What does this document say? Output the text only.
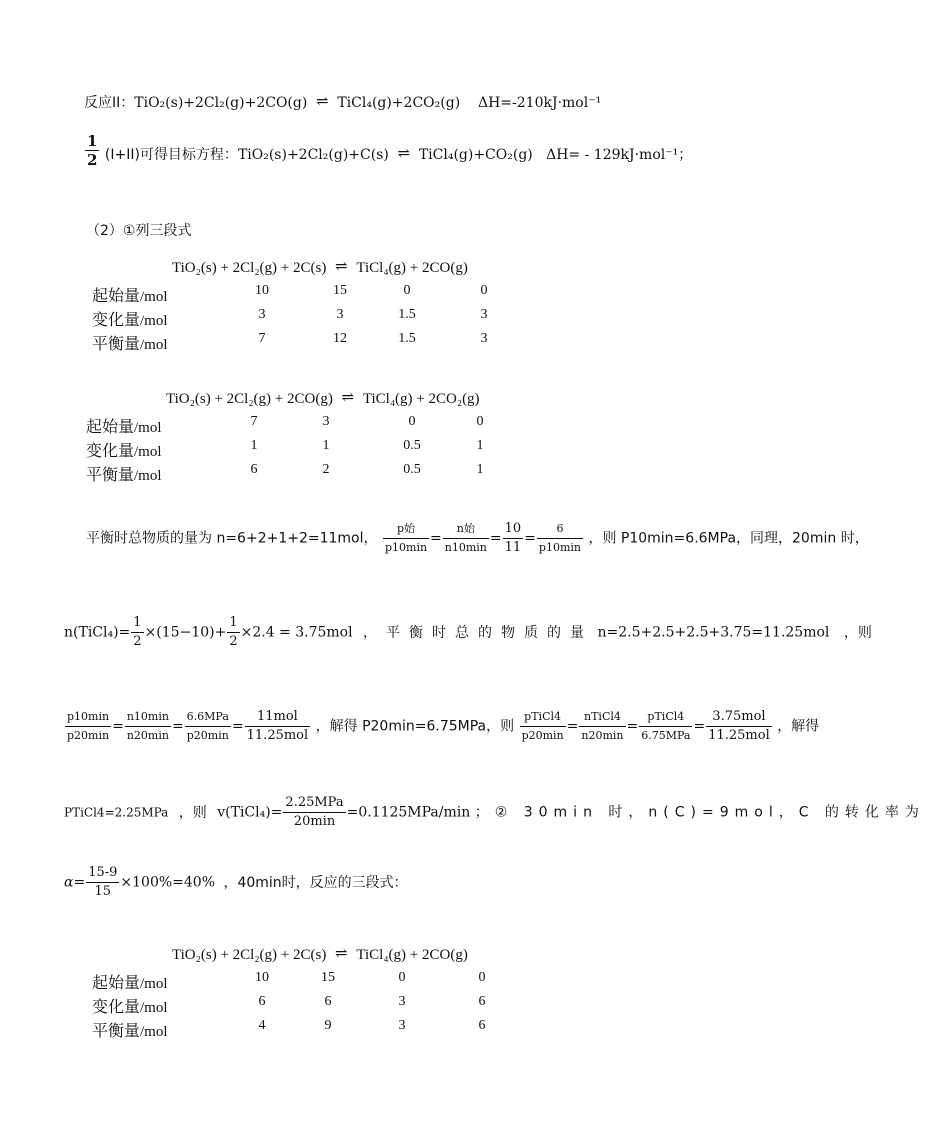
反应II：TiO₂(s)+2Cl₂(g)+2CO(g) ⇌ TiCl₄(g)+2CO₂(g) ΔH=-210kJ·mol⁻¹
$\frac{1}{2} (I+II)$可得目标方程：TiO₂(s)+2Cl₂(g)+C(s) ⇌ TiCl₄(g)+CO₂(g) ΔH= - 129kJ·mol⁻¹；
（2）①列三段式
TiO₂(s) + 2Cl₂(g) + 2C(s) ⇌ TiCl₄(g) + 2CO(g)
起始量/mol	10	15	0	0
变化量/mol	3	3	1.5	3
平衡量/mol	7	12	1.5	3
TiO₂(s) + 2Cl₂(g) + 2CO(g) ⇌ TiCl₄(g) + 2CO₂(g)
起始量/mol	7	3	0	0
变化量/mol	1	1	0.5	1
平衡量/mol	6	2	0.5	1
平衡时总物质的量为 n=6+2+1+2=11mol， $\frac{\text{p始}}{p10\min} = \frac{\text{n始}}{n10\min} = \frac{10}{11} = \frac{6}{p10\min}$ ，则 P10min=6.6MPa，同理，20min 时，
n(TiCl₄)= $\frac{1}{2} \times(15-10)+ \frac{1}{2} \times 2.4 = 3.75mol$ ，平衡时总的物质的量 n=2.5+2.5+2.5+3.75=11.25mol ，则
$\frac{p10\min}{p20\min} = \frac{n10\min}{n20\min} = \frac{\text{6.6MPa}}{p20\min} = \frac{\text{11mol}}{\text{11.25mol}}$ ，解得 P20min=6.75MPa，则 $\frac{\text{pTiCl4}}{p20\min} = \frac{\text{nTiCl4}}{n20\min} = \frac{\text{pTiCl4}}{\text{6.75MPa}} = \frac{\text{3.75mol}}{\text{11.25mol}}$ ，解得
PTiCl4=2.25MPa ，则 v(TiCl₄)= $\frac{\text{2.25MPa}}{20\min} =0.1125MPa/\min$ ；② 30min 时，n(C)=9mol，C 的转化率为
$\alpha= \frac{15-9}{15} \times 100\%=40\%$ ，40min时，反应的三段式：
TiO₂(s) + 2Cl₂(g) + 2C(s) ⇌ TiCl₄(g) + 2CO(g)
起始量/mol	10	15	0	0
变化量/mol	6	6	3	6
平衡量/mol	4	9	3	6
